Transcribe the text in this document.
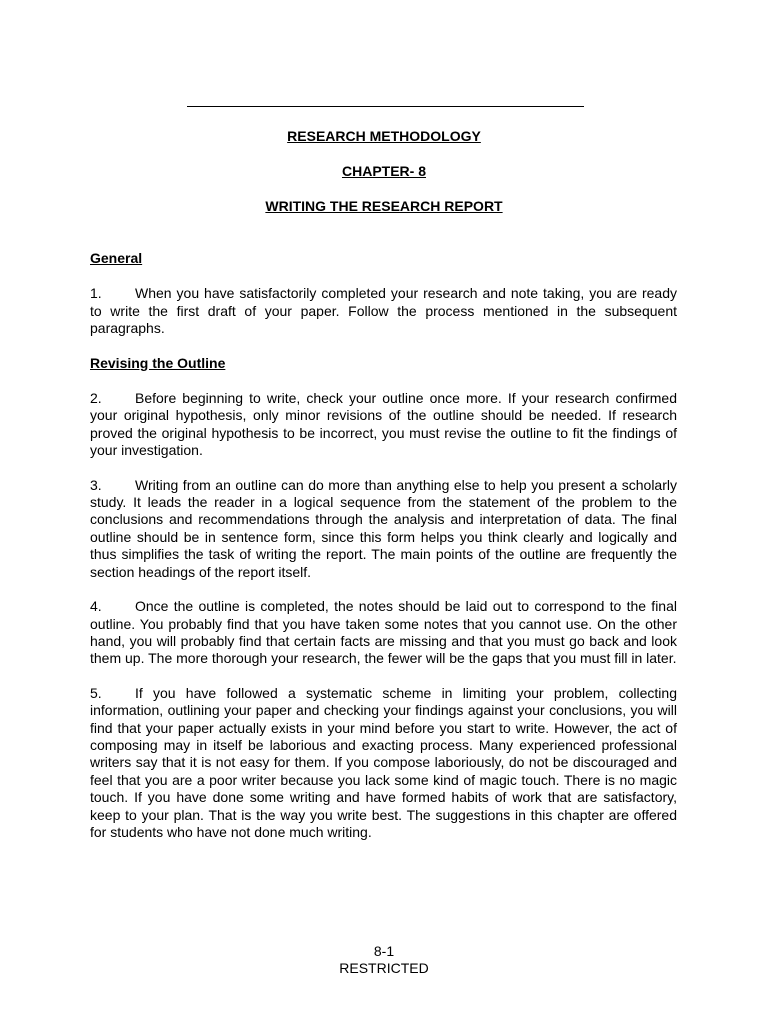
RESEARCH METHODOLOGY
CHAPTER- 8
WRITING THE RESEARCH REPORT
General

1. When you have satisfactorily completed your research and note taking, you are ready to write the first draft of your paper. Follow the process mentioned in the subsequent paragraphs.

Revising the Outline

2. Before beginning to write, check your outline once more. If your research confirmed your original hypothesis, only minor revisions of the outline should be needed. If research proved the original hypothesis to be incorrect, you must revise the outline to fit the findings of your investigation.

3. Writing from an outline can do more than anything else to help you present a scholarly study. It leads the reader in a logical sequence from the statement of the problem to the conclusions and recommendations through the analysis and interpretation of data. The final outline should be in sentence form, since this form helps you think clearly and logically and thus simplifies the task of writing the report. The main points of the outline are frequently the section headings of the report itself.

4. Once the outline is completed, the notes should be laid out to correspond to the final outline. You probably find that you have taken some notes that you cannot use. On the other hand, you will probably find that certain facts are missing and that you must go back and look them up. The more thorough your research, the fewer will be the gaps that you must fill in later.

5. If you have followed a systematic scheme in limiting your problem, collecting information, outlining your paper and checking your findings against your conclusions, you will find that your paper actually exists in your mind before you start to write. However, the act of composing may in itself be laborious and exacting process. Many experienced professional writers say that it is not easy for them. If you compose laboriously, do not be discouraged and feel that you are a poor writer because you lack some kind of magic touch. There is no magic touch. If you have done some writing and have formed habits of work that are satisfactory, keep to your plan. That is the way you write best. The suggestions in this chapter are offered for students who have not done much writing.

8-1
RESTRICTED
